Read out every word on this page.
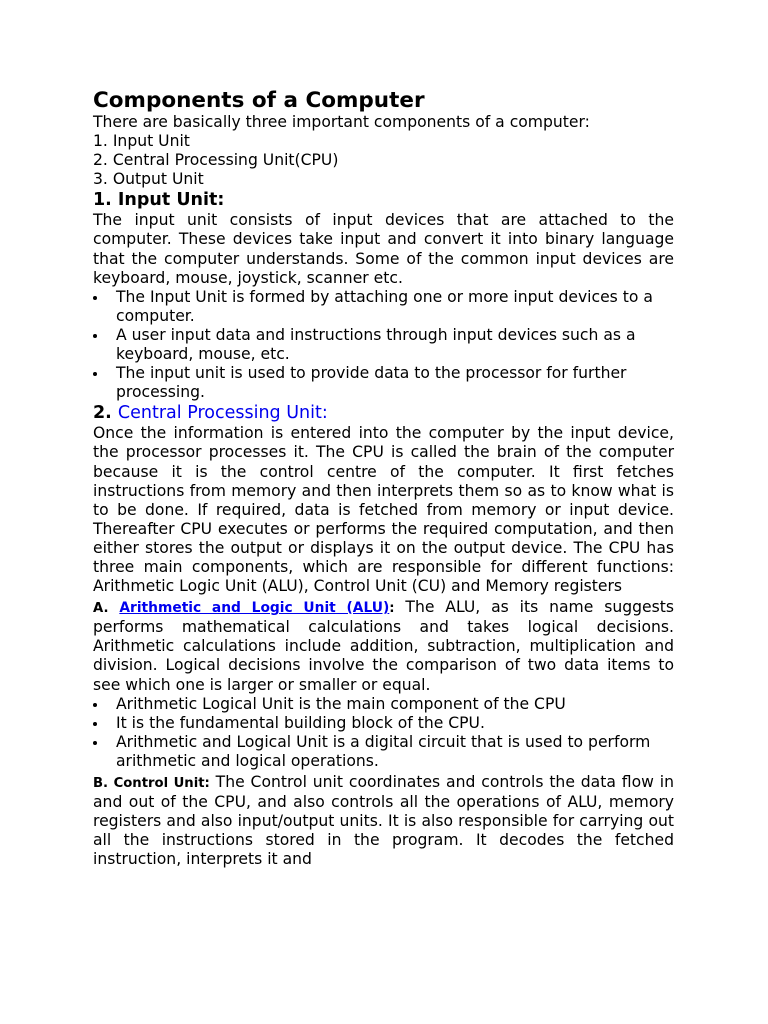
Components of a Computer

There are basically three important components of a computer:

1. Input Unit

2. Central Processing Unit(CPU)

3. Output Unit

1. Input Unit:

The input unit consists of input devices that are attached to the computer. These devices take input and convert it into binary language that the computer understands. Some of the common input devices are keyboard, mouse, joystick, scanner etc.

The Input Unit is formed by attaching one or more input devices to a computer.
A user input data and instructions through input devices such as a keyboard, mouse, etc.
The input unit is used to provide data to the processor for further processing.
2. Central Processing Unit:

Once the information is entered into the computer by the input device, the processor processes it. The CPU is called the brain of the computer because it is the control centre of the computer. It first fetches instructions from memory and then interprets them so as to know what is to be done. If required, data is fetched from memory or input device. Thereafter CPU executes or performs the required computation, and then either stores the output or displays it on the output device. The CPU has three main components, which are responsible for different functions: Arithmetic Logic Unit (ALU), Control Unit (CU) and Memory registers

A. Arithmetic and Logic Unit (ALU): The ALU, as its name suggests performs mathematical calculations and takes logical decisions. Arithmetic calculations include addition, subtraction, multiplication and division. Logical decisions involve the comparison of two data items to see which one is larger or smaller or equal.

Arithmetic Logical Unit is the main component of the CPU
It is the fundamental building block of the CPU.
Arithmetic and Logical Unit is a digital circuit that is used to perform arithmetic and logical operations.

B. Control Unit: The Control unit coordinates and controls the data flow in and out of the CPU, and also controls all the operations of ALU, memory registers and also input/output units. It is also responsible for carrying out all the instructions stored in the program. It decodes the fetched instruction, interprets it and
